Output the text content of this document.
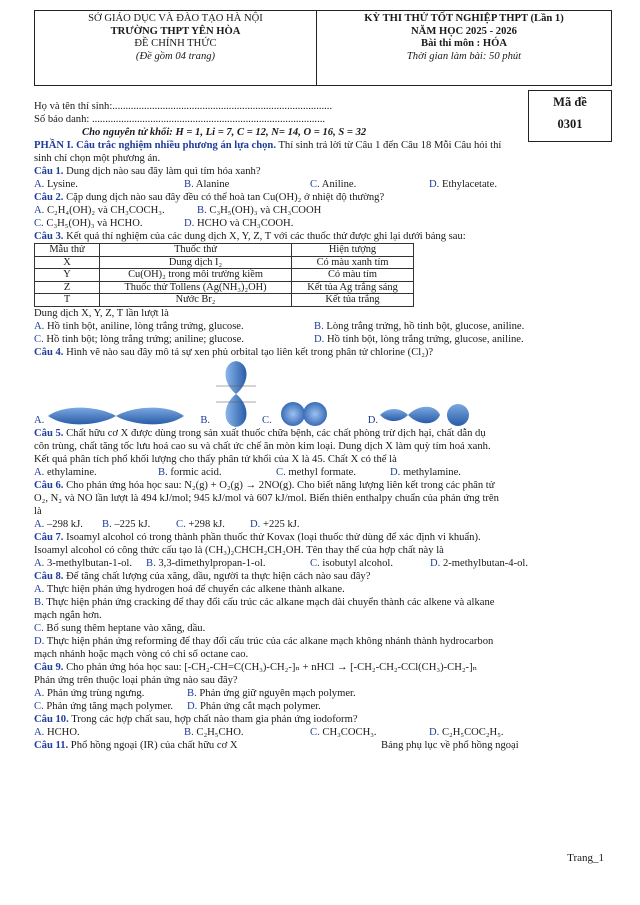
SỞ GIÁO DỤC VÀ ĐÀO TẠO HÀ NỘI
TRƯỜNG THPT YÊN HÒA
ĐỀ CHÍNH THỨC
(Đề gồm 04 trang)
KỲ THI THỬ TỐT NGHIỆP THPT (Lần 1)
NĂM HỌC 2025 - 2026
Bài thi môn : HÓA
Thời gian làm bài: 50 phút
Mã đề
0301
Họ và tên thí sinh:...................................................................................
Số báo danh: ........................................................................................
Cho nguyên tử khối: H = 1, Li = 7, C = 12, N= 14, O = 16, S = 32
PHẦN I. Câu trắc nghiệm nhiều phương án lựa chọn. Thí sinh trả lời từ Câu 1 đến Câu 18 Mỗi Câu hỏi thí
sinh chỉ chọn một phương án.
Câu 1. Dung dịch nào sau đây làm quì tím hóa xanh?
A. Lysine.	B. Alanine	C. Aniline.	D. Ethylacetate.
Câu 2. Cặp dung dịch nào sau đây đều có thể hoà tan Cu(OH)₂ ở nhiệt độ thường?
A. C₂H₄(OH)₂ và CH₃COCH₃.	B. C₃H₅(OH)₃ và CH₃COOH
C. C₃H₅(OH)₃ và HCHO.	D. HCHO và CH₃COOH.
Câu 3. Kết quả thí nghiệm của các dung dịch X, Y, Z, T với các thuốc thử được ghi lại dưới bảng sau:
Mẫu thử	Thuốc thử	Hiện tượng
X	Dung dịch I₂	Có màu xanh tím
Y	Cu(OH)₂ trong môi trường kiềm	Có màu tím
Z	Thuốc thử Tollens (Ag(NH₃)₂OH)	Kết tủa Ag trắng sáng
T	Nước Br₂	Kết tủa trắng
Dung dịch X, Y, Z, T lần lượt là
A. Hồ tinh bột, aniline, lòng trắng trứng, glucose.	B. Lòng trắng trứng, hồ tinh bột, glucose, aniline.
C. Hồ tinh bột; lòng trắng trứng; aniline; glucose.	D. Hồ tinh bột, lòng trắng trứng, glucose, aniline.
Câu 4. Hình vẽ nào sau đây mô tả sự xen phủ orbital tạo liên kết trong phân tử chlorine (Cl₂)?
A.	B.	C.	D.
Câu 5. Chất hữu cơ X được dùng trong sản xuất thuốc chữa bệnh, các chất phòng trừ dịch hại, chất dẫn dụ
côn trùng, chất tăng tốc lưu hoá cao su và chất ức chế ăn mòn kim loại. Dung dịch X làm quỳ tím hoá xanh.
Kết quả phân tích phổ khối lượng cho thấy phân tử khối của X là 45. Chất X có thể là
A. ethylamine.	B. formic acid.	C. methyl formate.	D. methylamine.
Câu 6. Cho phản ứng hóa học sau: N₂(g) + O₂(g) → 2NO(g). Cho biết năng lượng liên kết trong các phân tử
O₂, N₂ và NO lần lượt là 494 kJ/mol; 945 kJ/mol và 607 kJ/mol. Biến thiên enthalpy chuẩn của phản ứng trên
là
A. –298 kJ.	B. –225 kJ.	C. +298 kJ.	D. +225 kJ.
Câu 7. Isoamyl alcohol có trong thành phần thuốc thử Kovax (loại thuốc thử dùng để xác định vi khuẩn).
Isoamyl alcohol có công thức cấu tạo là (CH₃)₂CHCH₂CH₂OH. Tên thay thế của hợp chất này là
A. 3-methylbutan-1-ol.	B. 3,3-dimethylpropan-1-ol.	C. isobutyl alcohol.	D. 2-methylbutan-4-ol.
Câu 8. Để tăng chất lượng của xăng, dầu, người ta thực hiện cách nào sau đây?
A. Thực hiện phản ứng hydrogen hoá để chuyển các alkene thành alkane.
B. Thực hiện phản ứng cracking để thay đổi cấu trúc các alkane mạch dài chuyển thành các alkene và alkane
mạch ngắn hơn.
C. Bổ sung thêm heptane vào xăng, dầu.
D. Thực hiện phản ứng reforming để thay đổi cấu trúc của các alkane mạch không nhánh thành hydrocarbon
mạch nhánh hoặc mạch vòng có chỉ số octane cao.
Câu 9. Cho phản ứng hóa học sau: [-CH₂-CH=C(CH₃)-CH₂-]ₙ + nHCl → [-CH₂-CH₂-CCl(CH₃)-CH₂-]ₙ
Phản ứng trên thuộc loại phản ứng nào sau đây?
A. Phản ứng trùng ngưng.	B. Phản ứng giữ nguyên mạch polymer.
C. Phản ứng tăng mạch polymer.	D. Phản ứng cắt mạch polymer.
Câu 10. Trong các hợp chất sau, hợp chất nào tham gia phản ứng iodoform?
A. HCHO.	B. C₂H₅CHO.	C. CH₃COCH₃.	D. C₂H₅COC₂H₅.
Câu 11. Phổ hồng ngoại (IR) của chất hữu cơ X	Bảng phụ lục về phổ hồng ngoại
Trang_1
